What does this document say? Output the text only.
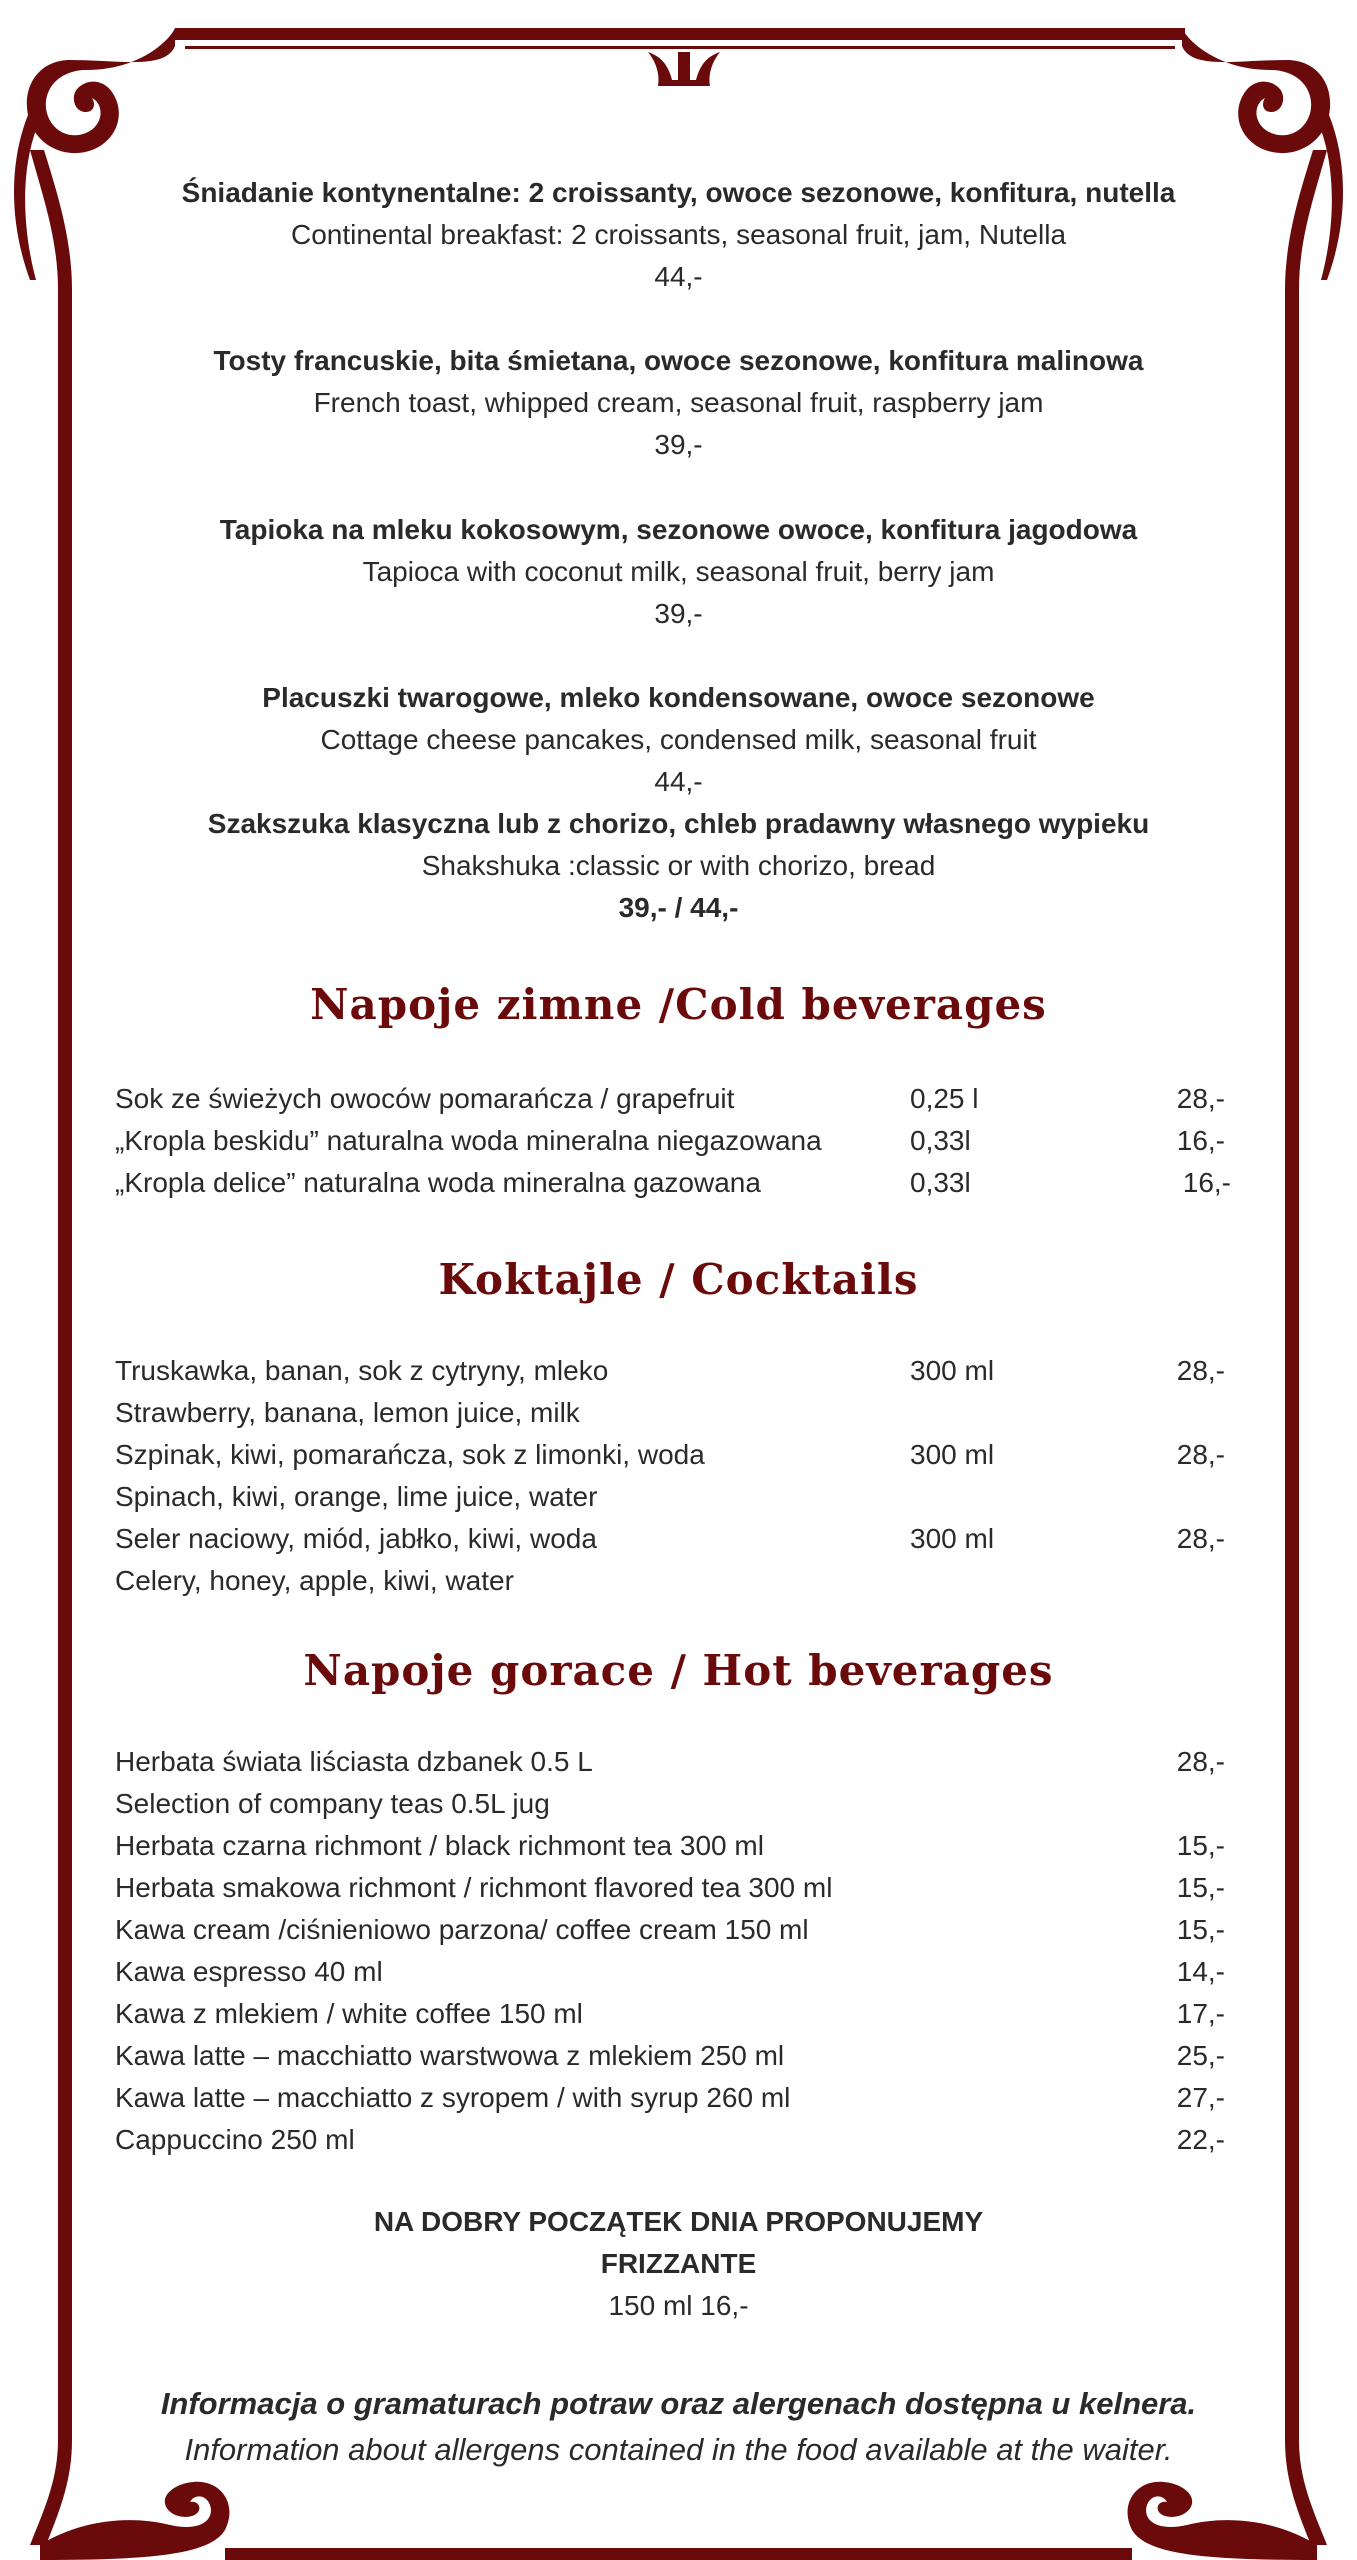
Śniadanie kontynentalne: 2 croissanty, owoce sezonowe, konfitura, nutella
Continental breakfast: 2 croissants, seasonal fruit, jam, Nutella
44,-
Tosty francuskie, bita śmietana, owoce sezonowe, konfitura malinowa
French toast, whipped cream, seasonal fruit, raspberry jam
39,-
Tapioka na mleku kokosowym, sezonowe owoce, konfitura jagodowa
Tapioca with coconut milk, seasonal fruit, berry jam
39,-
Placuszki twarogowe, mleko kondensowane, owoce sezonowe
Cottage cheese pancakes, condensed milk, seasonal fruit
44,-
Szakszuka klasyczna lub z chorizo, chleb pradawny własnego wypieku
Shakshuka :classic or with chorizo, bread
39,- / 44,-
Napoje zimne /Cold beverages
Sok ze świeżych owoców pomarańcza / grapefruit	0,25 l	28,-
„Kropla beskidu” naturalna woda mineralna niegazowana	0,33l	16,-
„Kropla delice” naturalna woda mineralna gazowana	0,33l	16,-
Koktajle / Cocktails
Truskawka, banan, sok z cytryny, mleko	300 ml	28,-
Strawberry, banana, lemon juice, milk
Szpinak, kiwi, pomarańcza, sok z limonki, woda	300 ml	28,-
Spinach, kiwi, orange, lime juice, water
Seler naciowy, miód, jabłko, kiwi, woda	300 ml	28,-
Celery, honey, apple, kiwi, water
Napoje gorace / Hot beverages
Herbata świata liściasta dzbanek 0.5 L	28,-
Selection of company teas 0.5L jug
Herbata czarna richmont / black richmont tea 300 ml	15,-
Herbata smakowa richmont / richmont flavored tea 300 ml	15,-
Kawa cream /ciśnieniowo parzona/ coffee cream 150 ml	15,-
Kawa espresso 40 ml	14,-
Kawa z mlekiem / white coffee 150 ml	17,-
Kawa latte – macchiatto warstwowa z mlekiem 250 ml	25,-
Kawa latte – macchiatto z syropem / with syrup 260 ml	27,-
Cappuccino 250 ml	22,-
NA DOBRY POCZĄTEK DNIA PROPONUJEMY
FRIZZANTE
150 ml 16,-
Informacja o gramaturach potraw oraz alergenach dostępna u kelnera.
Information about allergens contained in the food available at the waiter.
